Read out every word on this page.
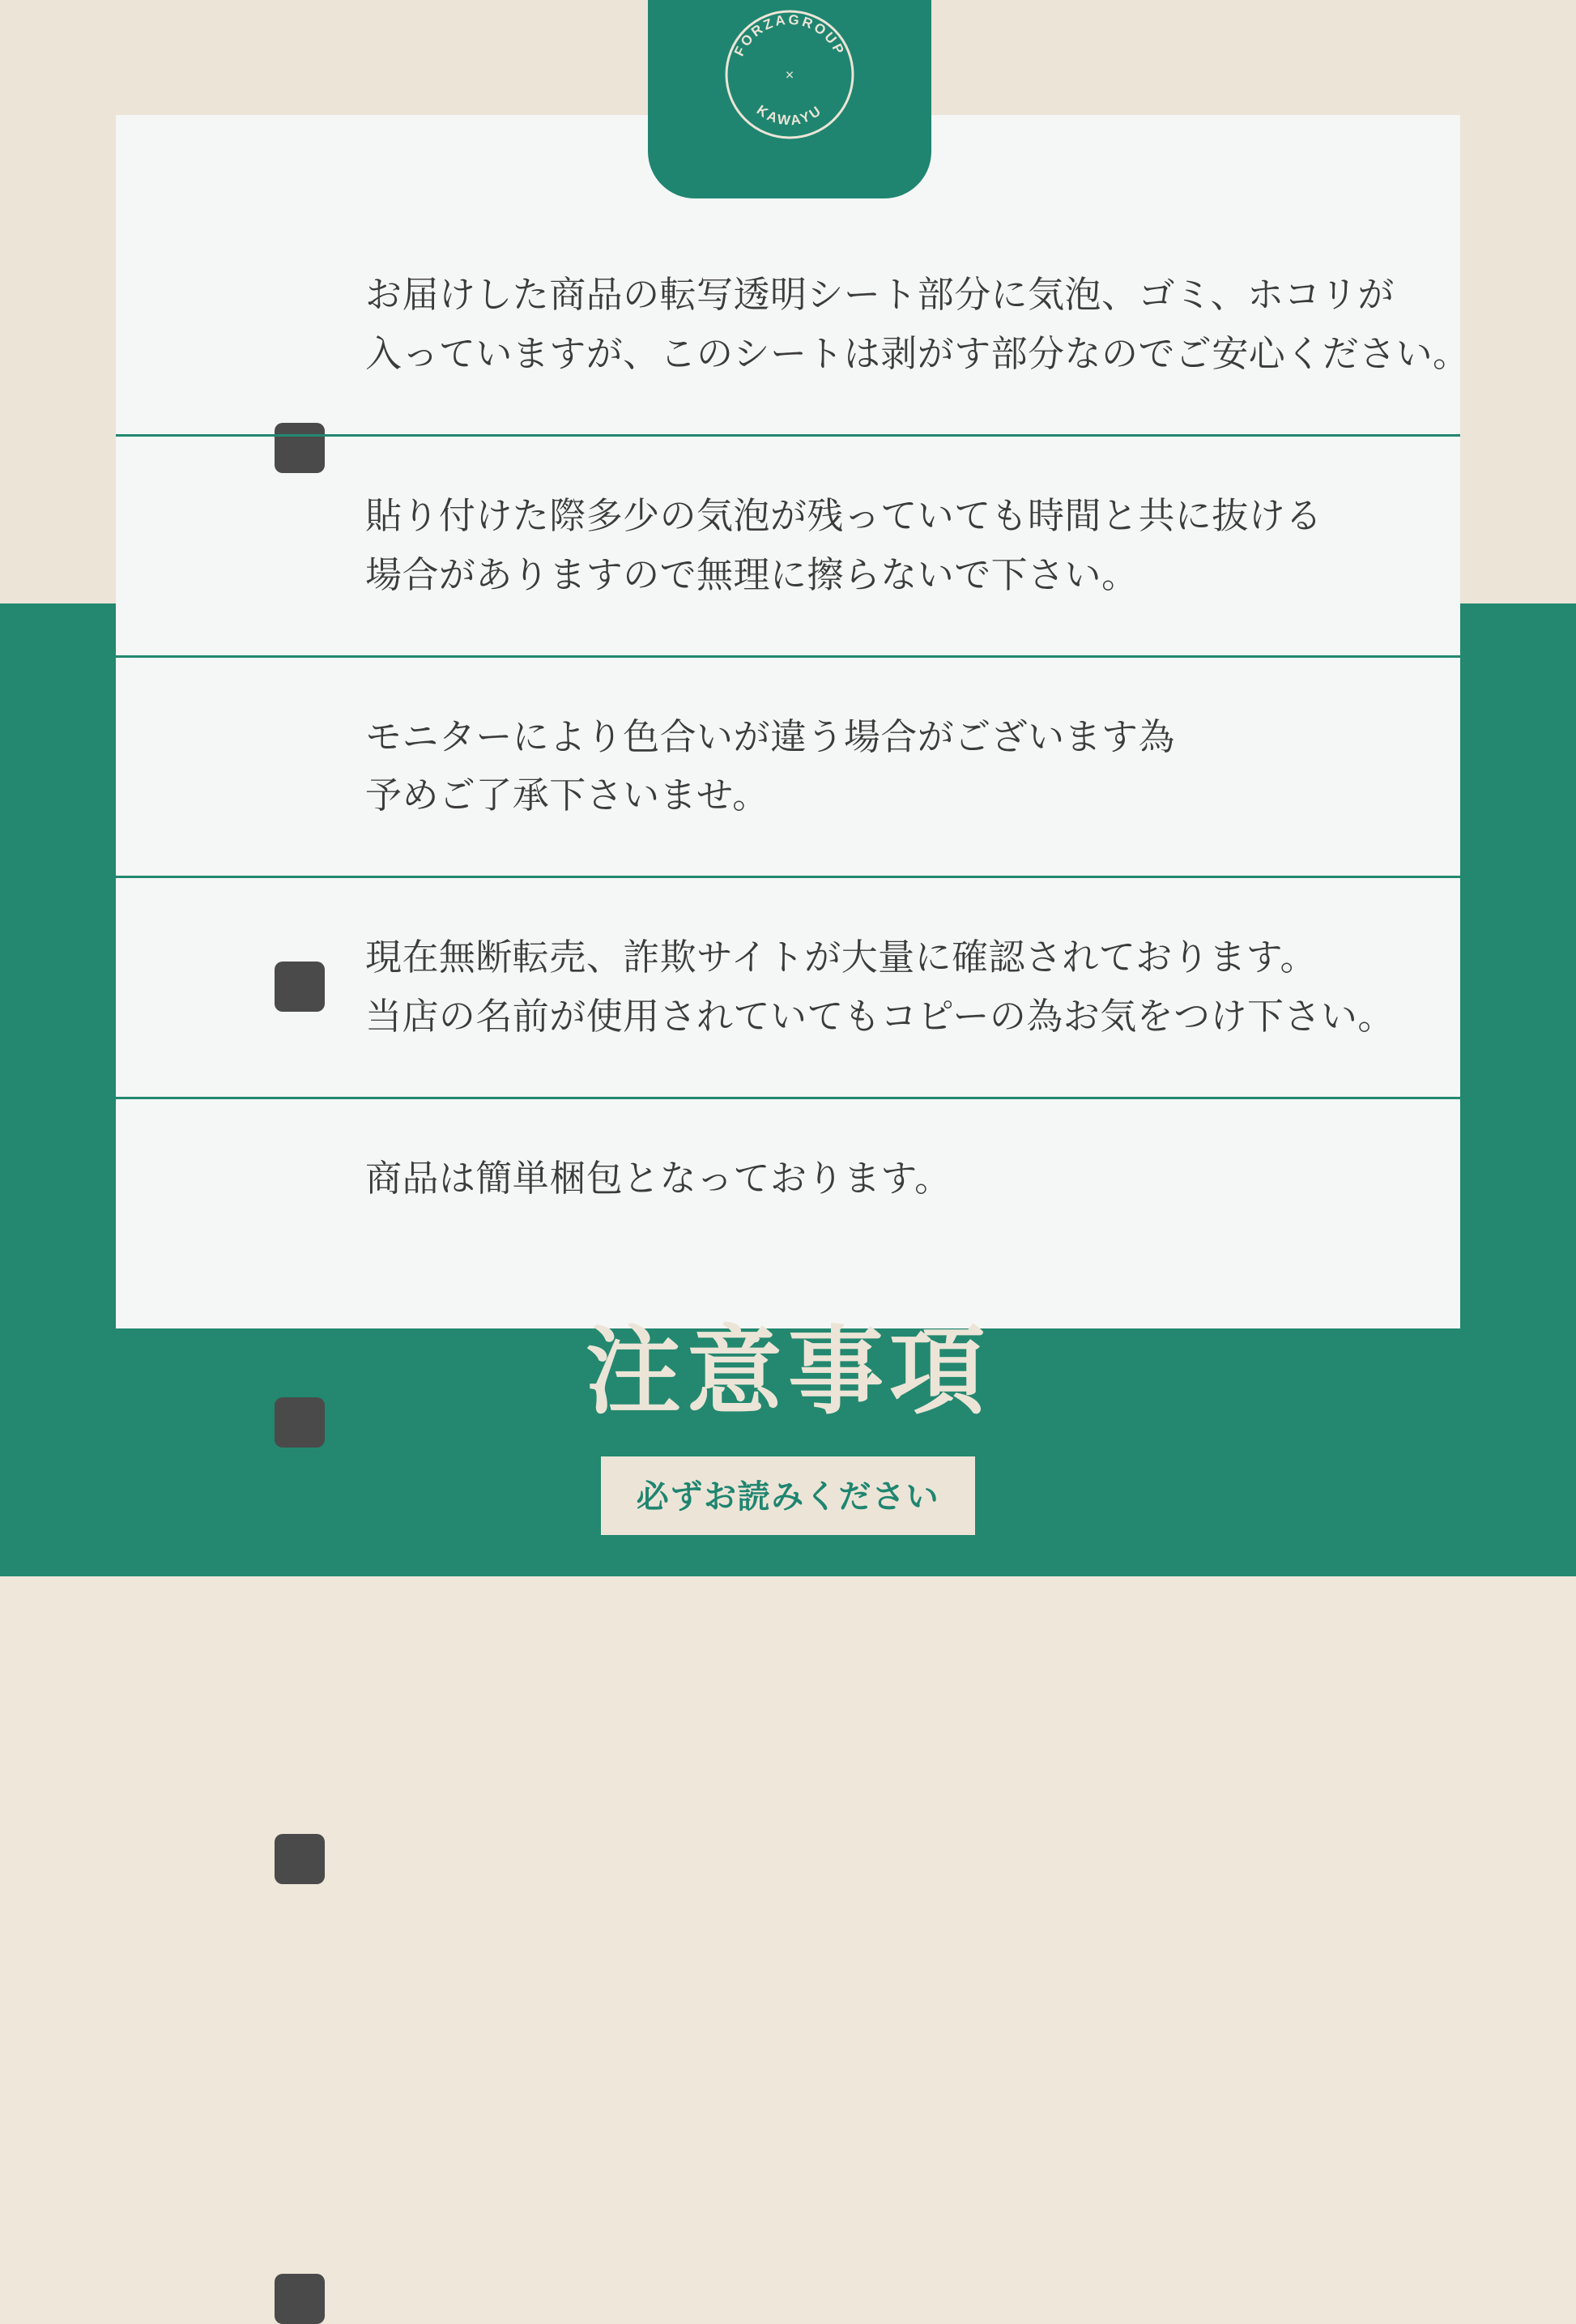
FORZAGROUP
KAWAYU
×
お届けした商品の転写透明シート部分に気泡、ゴミ、ホコリが
入っていますが、このシートは剥がす部分なのでご安心ください。
貼り付けた際多少の気泡が残っていても時間と共に抜ける
場合がありますので無理に擦らないで下さい。
モニターにより色合いが違う場合がございます為
予めご了承下さいませ。
現在無断転売、詐欺サイトが大量に確認されております。
当店の名前が使用されていてもコピーの為お気をつけ下さい。
商品は簡単梱包となっております。
注意事項
必ずお読みください
